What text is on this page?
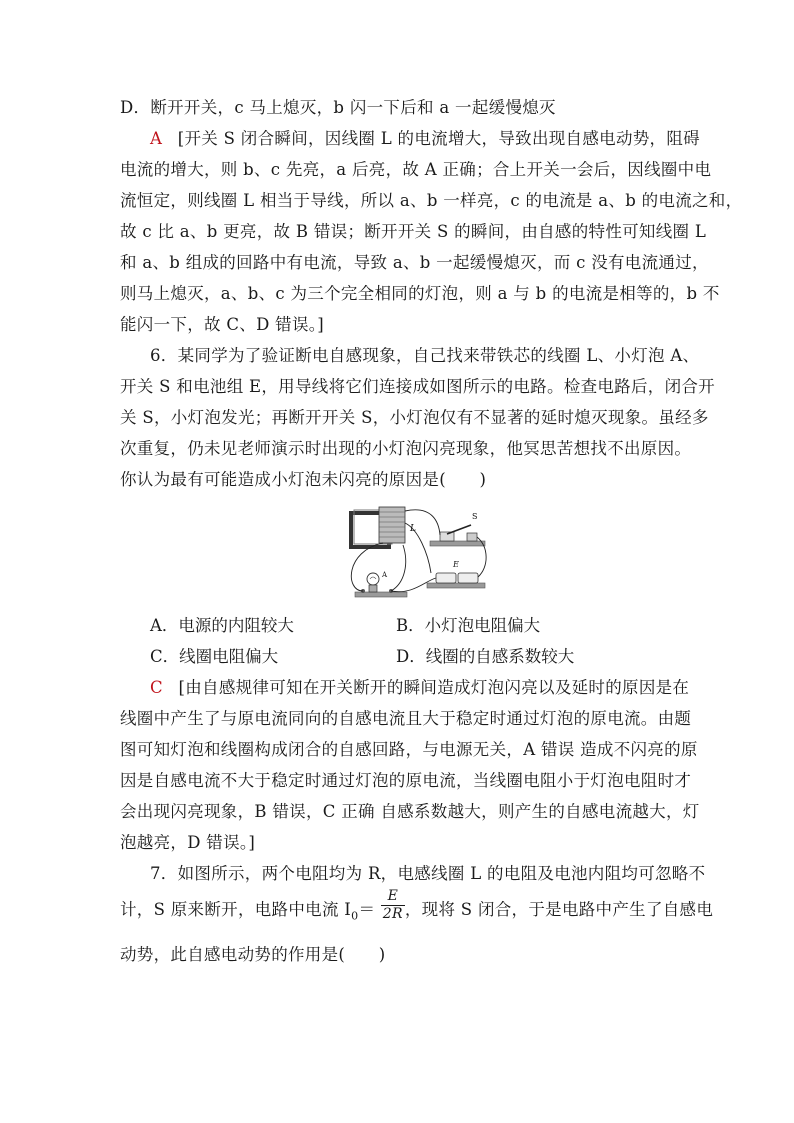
D．断开开关，c 马上熄灭，b 闪一下后和 a 一起缓慢熄灭
A [开关 S 闭合瞬间，因线圈 L 的电流增大，导致出现自感电动势，阻碍
电流的增大，则 b、c 先亮，a 后亮，故 A 正确；合上开关一会后，因线圈中电
流恒定，则线圈 L 相当于导线，所以 a、b 一样亮，c 的电流是 a、b 的电流之和，
故 c 比 a、b 更亮，故 B 错误；断开开关 S 的瞬间，由自感的特性可知线圈 L
和 a、b 组成的回路中有电流，导致 a、b 一起缓慢熄灭，而 c 没有电流通过，
则马上熄灭，a、b、c 为三个完全相同的灯泡，则 a 与 b 的电流是相等的，b 不
能闪一下，故 C、D 错误。]
6．某同学为了验证断电自感现象，自己找来带铁芯的线圈 L、小灯泡 A、
开关 S 和电池组 E，用导线将它们连接成如图所示的电路。检查电路后，闭合开
关 S，小灯泡发光；再断开开关 S，小灯泡仅有不显著的延时熄灭现象。虽经多
次重复，仍未见老师演示时出现的小灯泡闪亮现象，他冥思苦想找不出原因。
你认为最有可能造成小灯泡未闪亮的原因是(　　)
L
S
E
A
A．电源的内阻较大	B．小灯泡电阻偏大
C．线圈电阻偏大	D．线圈的自感系数较大
C [由自感规律可知在开关断开的瞬间造成灯泡闪亮以及延时的原因是在
线圈中产生了与原电流同向的自感电流且大于稳定时通过灯泡的原电流。由题
图可知灯泡和线圈构成闭合的自感回路，与电源无关，A 错误 造成不闪亮的原
因是自感电流不大于稳定时通过灯泡的原电流，当线圈电阻小于灯泡电阻时才
会出现闪亮现象，B 错误，C 正确 自感系数越大，则产生的自感电流越大，灯
泡越亮，D 错误。]
7．如图所示，两个电阻均为 R，电感线圈 L 的电阻及电池内阻均可忽略不
计，S 原来断开，电路中电流 $I_0= \frac{E}{2R}$ ，现将 S 闭合，于是电路中产生了自感电
动势，此自感电动势的作用是(　　)
